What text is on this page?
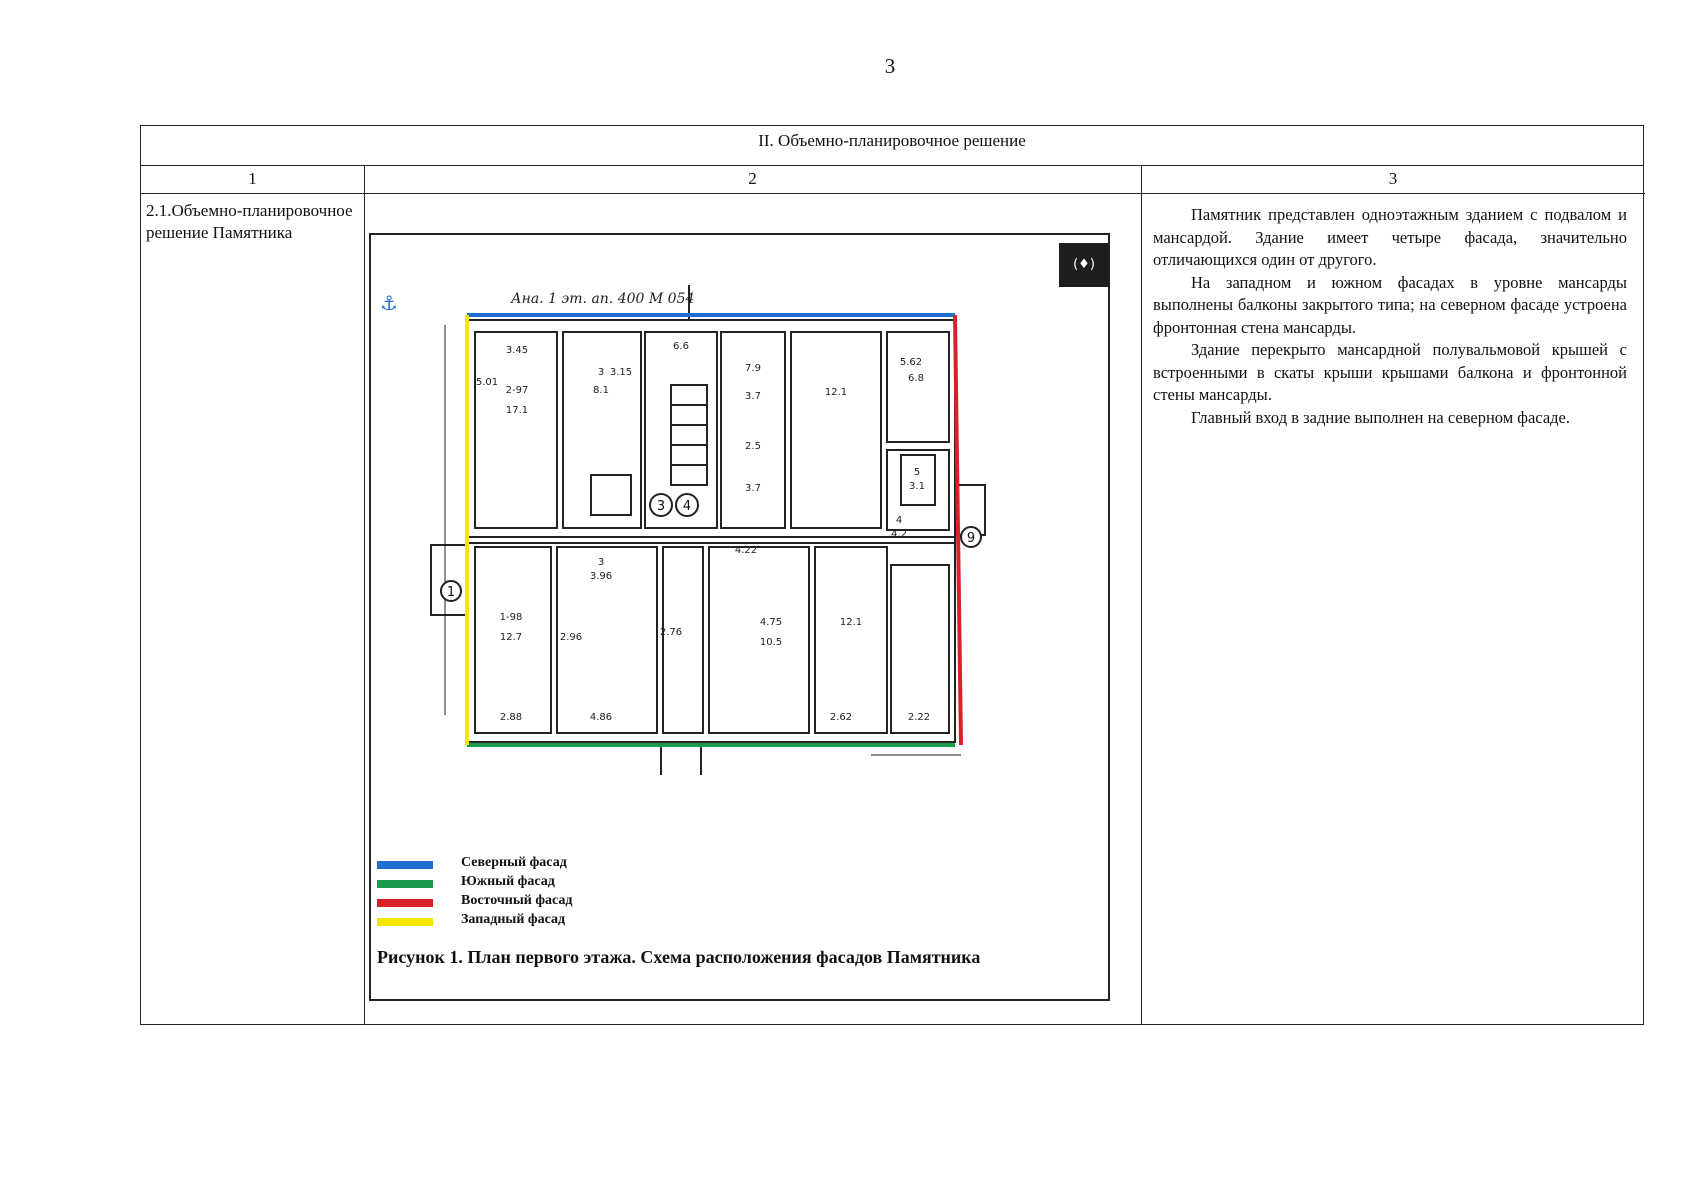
3
II. Объемно-планировочное решение
1	2	3
2.1.Объемно-планировочное решение Памятника
(♦)
⚓
3 4
1
9
Ана. 1 эт. ап. 400 М 054
3.45
2-97
17.1
5.01
3 3.15
8.1
6.6
7.9
3.7
2.5
3.7
12.1
5.62
6.8
5
3.1
4
4.2
3
3.96
1-98
12.7
2.88
2.96	2.76
4.75
10.5
12.1
4.22
4.86	2.62	2.22
Северный фасад
Южный фасад
Восточный фасад
Западный фасад
Рисунок 1. План первого этажа. Схема расположения фасадов Памятника

Памятник представлен одноэтажным зданием с подвалом и мансардой. Здание имеет четыре фасада, значительно отличающихся один от другого.

На западном и южном фасадах в уровне мансарды выполнены балконы закрытого типа; на северном фасаде устроена фронтонная стена мансарды.

Здание перекрыто мансардной полувальмовой крышей с встроенными в скаты крыши крышами балкона и фронтонной стены мансарды.

Главный вход в задние выполнен на северном фасаде.
